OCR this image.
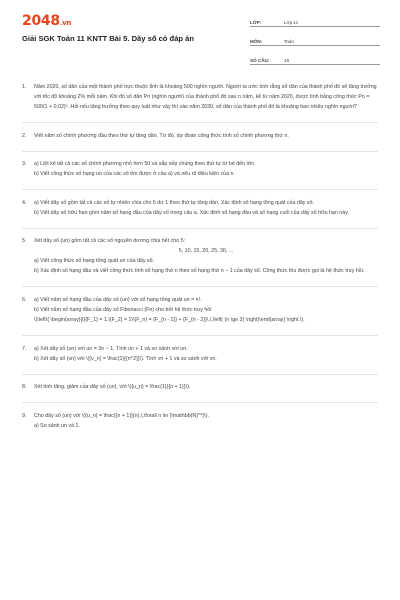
2048.vn
Giải SGK Toán 11 KNTT Bài 5. Dãy số có đáp án
LỚP:	Lớp 11
MÔN:	Toán
SỐ CÂU:	18
1.	Năm 2020, số dân của một thành phố trực thuộc tỉnh là khoảng 500 nghìn người. Người ta ước tính rằng số dân của thành phố đó sẽ tăng trưởng với tốc độ khoảng 2% mỗi năm. Khi đó số dân Pn (nghìn người) của thành phố đó sau n năm, kể từ năm 2020, được tính bằng công thức Pn = 500(1 + 0,02)ⁿ. Hỏi nếu tăng trưởng theo quy luật như vậy thì vào năm 2030, số dân của thành phố đó là khoảng bao nhiêu nghìn người?

2.	Viết năm số chính phương đầu theo thứ tự tăng dần. Từ đó, dự đoán công thức tính số chính phương thứ n.

3.	a) Liệt kê tất cả các số chính phương nhỏ hơn 50 và sắp xếp chúng theo thứ tự từ bé đến lớn.

b) Viết công thức số hạng un của các số tìm được ở câu a) và nêu rõ điều kiện của n.

4.	a) Viết dãy số gồm tất cả các số tự nhiên chia cho 5 dư 1 theo thứ tự tăng dần. Xác định số hạng tổng quát của dãy số.

b) Viết dãy số hữu hạn gồm năm số hạng đầu của dãy số trong câu a. Xác định số hạng đầu và số hạng cuối của dãy số hữu hạn này.

5.	Xét dãy số (un) gồm tất cả các số nguyên dương chia hết cho 5:

5, 10, 15, 20, 25, 30, ...

a) Viết công thức số hạng tổng quát un của dãy số.

b) Xác định số hạng đầu và viết công thức tính số hạng thứ n theo số hạng thứ n − 1 của dãy số. Công thức thu được gọi là hệ thức truy hồi.

6.	a) Viết năm số hạng đầu của dãy số (un) với số hạng tổng quát un = n!.

b) Viết năm số hạng đầu của dãy số Fibonacci (Fn) cho bởi hệ thức truy hồi

\(\left\{ \begin{array}{l}{F_1} = 1,\{F_2} = 1\\{F_n} = {F_{n - 1}} + {F_{n - 2}}\,\,\left( {n \ge 3} \right)\end{array} \right.\).

7.	a) Xét dãy số (un) với un = 3n − 1. Tính un + 1 và so sánh với un.

b) Xét dãy số (vn) với \({v_n} = \frac{1}{{n^2}}\). Tính vn + 1 và so sánh với vn.

8.	Xét tính tăng, giảm của dãy số (un), với \({u_n} = \frac{1}{{n + 1}}\).

9.	Cho dãy số (un) với \({u_n} = \frac{{n + 1}}{n},\,\forall n \in {\mathbb{N}^*}\).

a) So sánh un và 1.
